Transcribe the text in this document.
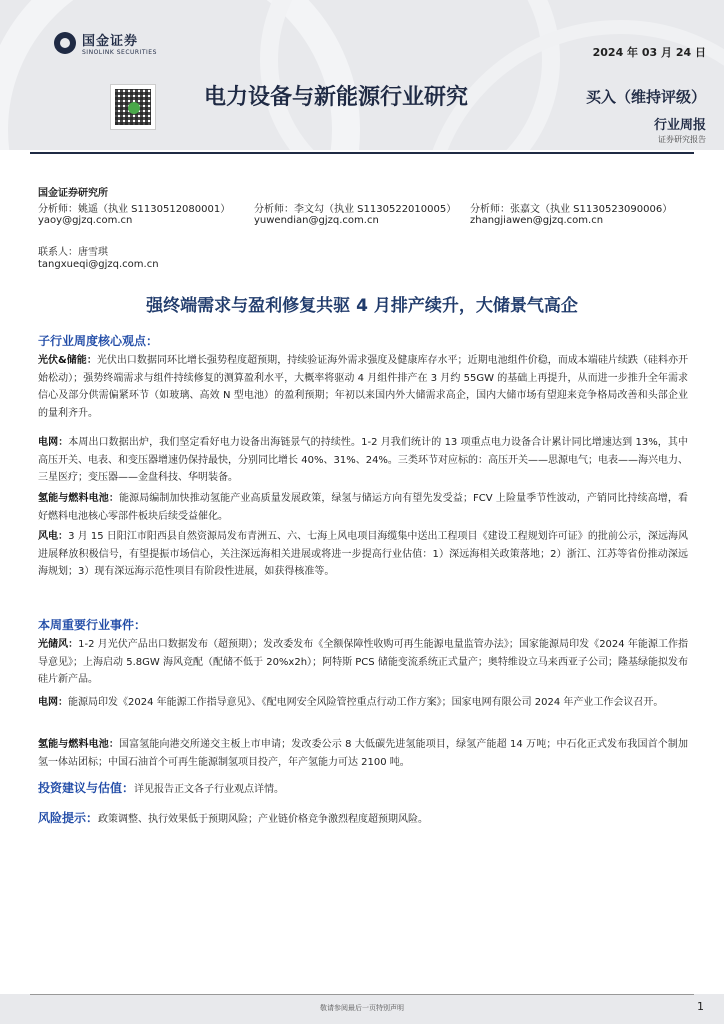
国金证券
SINOLINK SECURITIES	2024 年 03 月 24 日
电力设备与新能源行业研究	买入（维持评级）
行业周报
证券研究报告
国金证券研究所
分析师：姚遥（执业 S1130512080001）
yaoy@gjzq.com.cn
分析师：李文勾（执业 S1130522010005）
yuwendian@gjzq.com.cn
分析师：张嘉文（执业 S1130523090006）
zhangjiawen@gjzq.com.cn
联系人：唐雪琪
tangxueqi@gjzq.com.cn
强终端需求与盈利修复共驱 4 月排产续升，大储景气高企
子行业周度核心观点：
光伏&储能：光伏出口数据同环比增长强势程度超预期，持续验证海外需求强度及健康库存水平；近期电池组件价稳，而成本端硅片续跌（硅料亦开始松动）；强势终端需求与组件持续修复的测算盈利水平，大概率将驱动 4 月组件排产在 3 月约 55GW 的基础上再提升，从而进一步推升全年需求信心及部分供需偏紧环节（如玻璃、高效 N 型电池）的盈利预期；年初以来国内外大储需求高企，国内大储市场有望迎来竞争格局改善和头部企业的量利齐升。
电网：本周出口数据出炉，我们坚定看好电力设备出海链景气的持续性。1-2 月我们统计的 13 项重点电力设备合计累计同比增速达到 13%，其中高压开关、电表、和变压器增速仍保持最快，分别同比增长 40%、31%、24%。三类环节对应标的：高压开关——思源电气；电表——海兴电力、三星医疗；变压器——金盘科技、华明装备。
氢能与燃料电池：能源局编制加快推动氢能产业高质量发展政策，绿氢与储运方向有望先发受益；FCV 上险量季节性波动，产销同比持续高增，看好燃料电池核心零部件板块后续受益催化。
风电：3 月 15 日阳江市阳西县自然资源局发布青洲五、六、七海上风电项目海缆集中送出工程项目《建设工程规划许可证》的批前公示，深远海风进展释放积极信号，有望提振市场信心，关注深远海相关进展或将进一步提高行业估值：1）深远海相关政策落地；2）浙江、江苏等省份推动深远海规划；3）现有深远海示范性项目有阶段性进展，如获得核准等。
本周重要行业事件：
光储风：1-2 月光伏产品出口数据发布（超预期）；发改委发布《全额保障性收购可再生能源电量监管办法》；国家能源局印发《2024 年能源工作指导意见》；上海启动 5.8GW 海风竞配（配储不低于 20%x2h）；阿特斯 PCS 储能变流系统正式量产；奥特维设立马来西亚子公司；隆基绿能拟发布硅片新产品。
电网：能源局印发《2024 年能源工作指导意见》、《配电网安全风险管控重点行动工作方案》；国家电网有限公司 2024 年产业工作会议召开。
氢能与燃料电池：国富氢能向港交所递交主板上市申请；发改委公示 8 大低碳先进氢能项目，绿氢产能超 14 万吨；中石化正式发布我国首个制加氢一体站团标；中国石油首个可再生能源制氢项目投产，年产氢能力可达 2100 吨。
投资建议与估值：详见报告正文各子行业观点详情。
风险提示：政策调整、执行效果低于预期风险；产业链价格竞争激烈程度超预期风险。
敬请参阅最后一页特别声明	1
